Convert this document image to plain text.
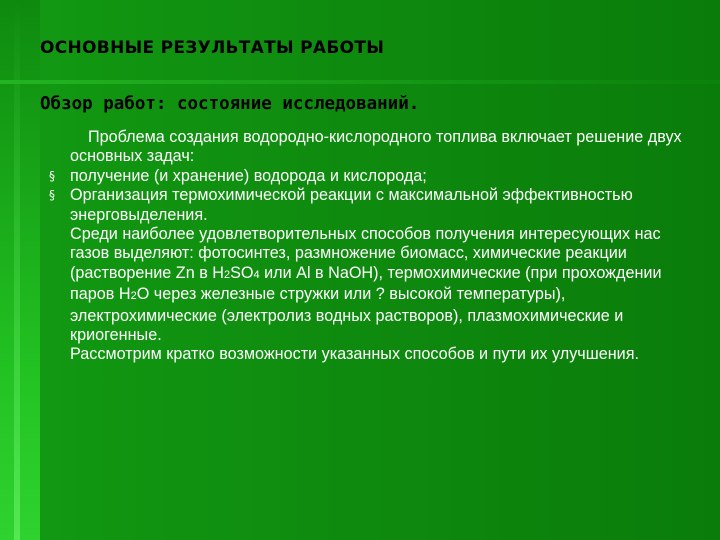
ОСНОВНЫЕ РЕЗУЛЬТАТЫ РАБОТЫ
Обзор работ: состояние исследований.

Проблема создания водородно-кислородного топлива включает решение двух основных задач:

§ получение (и хранение) водорода и кислорода;

§ Организация термохимической реакции с максимальной эффективностью энерговыделения.

Среди наиболее удовлетворительных способов получения интересующих нас газов выделяют: фотосинтез, размножение биомасс, химические реакции (растворение Zn в H2SO4 или Al в NaOH), термохимические (при прохождении паров H2O через железные стружки или ? высокой температуры), электрохимические (электролиз водных растворов), плазмохимические и криогенные.

Рассмотрим кратко возможности указанных способов и пути их улучшения.
